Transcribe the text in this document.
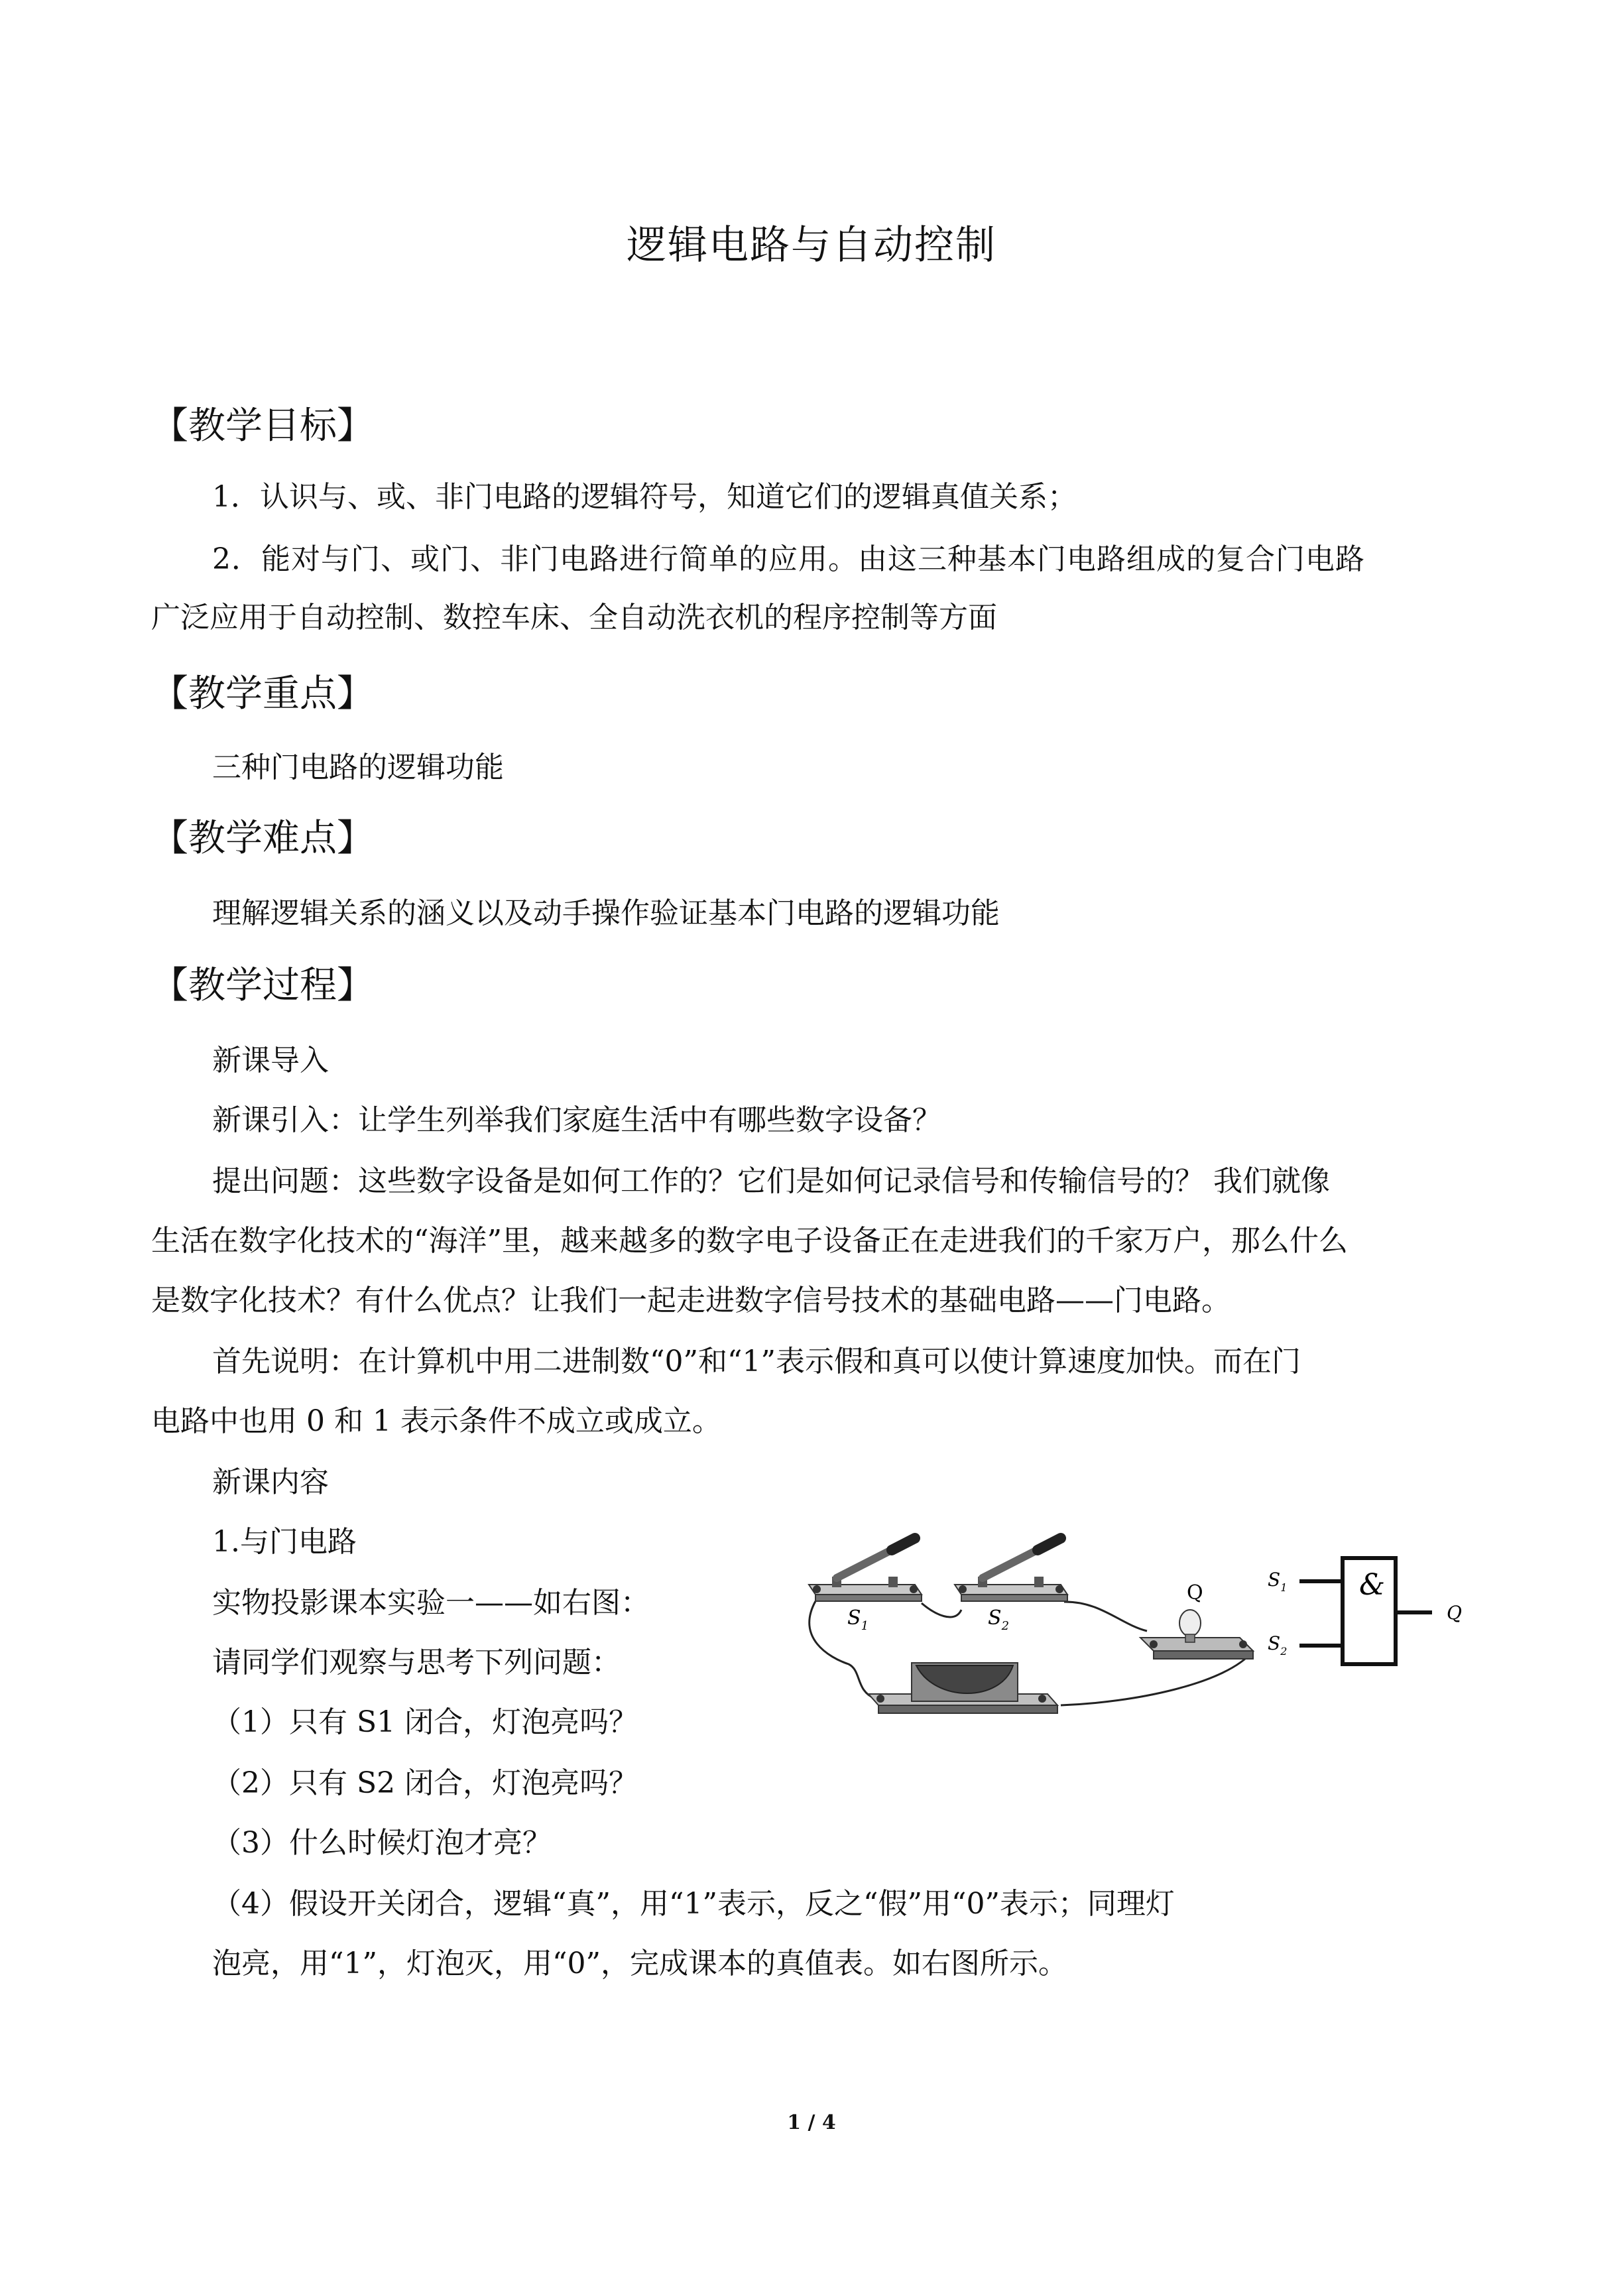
逻辑电路与自动控制
【教学目标】
1．认识与、或、非门电路的逻辑符号，知道它们的逻辑真值关系；
2．能对与门、或门、非门电路进行简单的应用。由这三种基本门电路组成的复合门电路
广泛应用于自动控制、数控车床、全自动洗衣机的程序控制等方面
【教学重点】
三种门电路的逻辑功能
【教学难点】
理解逻辑关系的涵义以及动手操作验证基本门电路的逻辑功能
【教学过程】
新课导入
新课引入：让学生列举我们家庭生活中有哪些数字设备？
提出问题：这些数字设备是如何工作的？它们是如何记录信号和传输信号的？ 我们就像
生活在数字化技术的“海洋”里，越来越多的数字电子设备正在走进我们的千家万户，那么什么
是数字化技术？有什么优点？让我们一起走进数字信号技术的基础电路——门电路。
首先说明：在计算机中用二进制数“0”和“1”表示假和真可以使计算速度加快。而在门
电路中也用 0 和 1 表示条件不成立或成立。
新课内容
1.与门电路
实物投影课本实验一——如右图：
请同学们观察与思考下列问题：
（1）只有 S1 闭合，灯泡亮吗？
（2）只有 S2 闭合，灯泡亮吗？
（3）什么时候灯泡才亮？
（4）假设开关闭合，逻辑“真”，用“1”表示，反之“假”用“0”表示；同理灯
泡亮，用“1”，灯泡灭，用“0”，完成课本的真值表。如右图所示。
$S_1$	$S_2$
Q
$S_1$
$S_2$
&
Q
1 / 4
